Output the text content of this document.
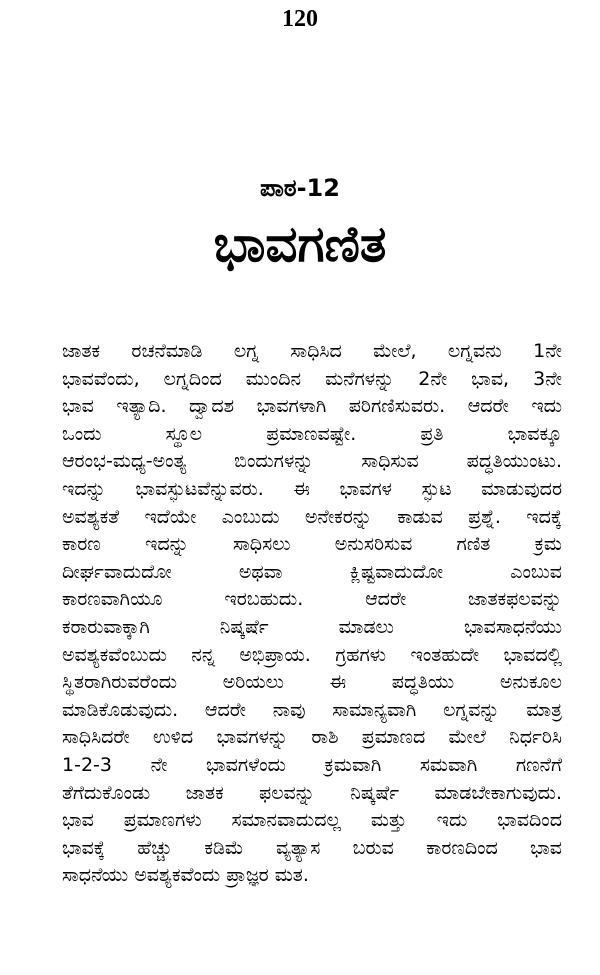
120
ಪಾಠ-12
ಭಾವಗಣಿತ
ಜಾತಕ ರಚನೆಮಾಡಿ ಲಗ್ನ ಸಾಧಿಸಿದ ಮೇಲೆ, ಲಗ್ನವನು 1ನೇ
ಭಾವವೆಂದು, ಲಗ್ನದಿಂದ ಮುಂದಿನ ಮನೆಗಳನ್ನು 2ನೇ ಭಾವ, 3ನೇ
ಭಾವ ಇತ್ಯಾದಿ. ದ್ವಾದಶ ಭಾವಗಳಾಗಿ ಪರಿಗಣಿಸುವರು. ಆದರೇ ಇದು
ಒಂದು ಸ್ಥೂಲ ಪ್ರಮಾಣವಷ್ಟೇ. ಪ್ರತಿ ಭಾವಕ್ಕೂ
ಆರಂಭ-ಮಧ್ಯ-ಅಂತ್ಯ ಬಿಂದುಗಳನ್ನು ಸಾಧಿಸುವ ಪದ್ಧತಿಯುಂಟು.
ಇದನ್ನು ಭಾವಸ್ಫುಟವೆನ್ನುವರು. ಈ ಭಾವಗಳ ಸ್ಫುಟ ಮಾಡುವುದರ
ಅವಶ್ಯಕತೆ ಇದೆಯೇ ಎಂಬುದು ಅನೇಕರನ್ನು ಕಾಡುವ ಪ್ರಶ್ನೆ. ಇದಕ್ಕೆ
ಕಾರಣ ಇದನ್ನು ಸಾಧಿಸಲು ಅನುಸರಿಸುವ ಗಣಿತ ಕ್ರಮ
ದೀರ್ಘವಾದುದೋ ಅಥವಾ ಕ್ಲಿಷ್ಟವಾದುದೋ ಎಂಬುವ
ಕಾರಣವಾಗಿಯೂ ಇರಬಹುದು. ಆದರೇ ಜಾತಕಫಲವನ್ನು
ಕರಾರುವಾಕ್ಕಾಗಿ ನಿಷ್ಕರ್ಷೆ ಮಾಡಲು ಭಾವಸಾಧನೆಯು
ಅವಶ್ಯಕವೆಂಬುದು ನನ್ನ ಅಭಿಪ್ರಾಯ. ಗ್ರಹಗಳು ಇಂತಹುದೇ ಭಾವದಲ್ಲಿ
ಸ್ಥಿತರಾಗಿರುವರೆಂದು ಅರಿಯಲು ಈ ಪದ್ಧತಿಯು ಅನುಕೂಲ
ಮಾಡಿಕೊಡುವುದು. ಆದರೇ ನಾವು ಸಾಮಾನ್ಯವಾಗಿ ಲಗ್ನವನ್ನು ಮಾತ್ರ
ಸಾಧಿಸಿದರೇ ಉಳಿದ ಭಾವಗಳನ್ನು ರಾಶಿ ಪ್ರಮಾಣದ ಮೇಲೆ ನಿರ್ಧರಿಸಿ
1-2-3 ನೇ ಭಾವಗಳೆಂದು ಕ್ರಮವಾಗಿ ಸಮವಾಗಿ ಗಣನೆಗೆ
ತೆಗೆದುಕೊಂಡು ಜಾತಕ ಫಲವನ್ನು ನಿಷ್ಕರ್ಷೆ ಮಾಡಬೇಕಾಗುವುದು.
ಭಾವ ಪ್ರಮಾಣಗಳು ಸಮಾನವಾದುದಲ್ಲ ಮತ್ತು ಇದು ಭಾವದಿಂದ
ಭಾವಕ್ಕೆ ಹೆಚ್ಚು ಕಡಿಮೆ ವ್ಯತ್ಯಾಸ ಬರುವ ಕಾರಣದಿಂದ ಭಾವ
ಸಾಧನೆಯು ಅವಶ್ಯಕವೆಂದು ಪ್ರಾಜ್ಞರ ಮತ.
